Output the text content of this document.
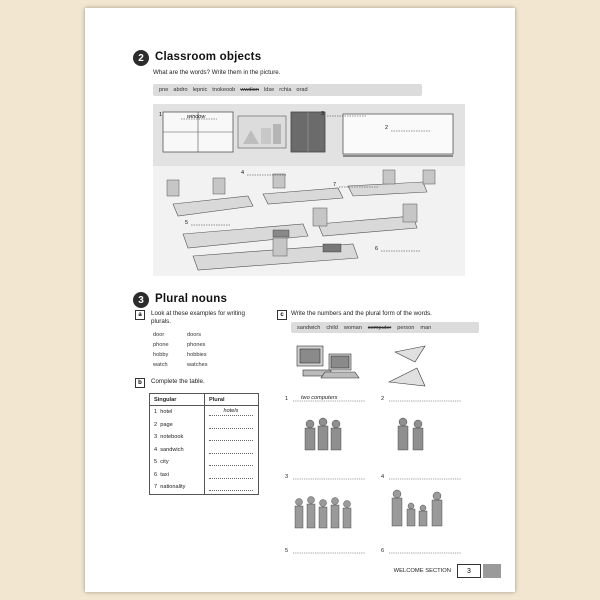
2 Classroom objects
What are the words? Write them in the picture.
pne abdro lepnic tnokeoob wwdion ldse rchia orad
1
2
3
4
5
6
7
window
3 Plural nouns
a	Look at these examples for writing
plurals.
door	doors
phone	phones
hobby	hobbies
watch	watches
b	Complete the table.
Singular	Plural
1 hotel	hotels
2 page	
3 notebook	
4 sandwich	
5 city	
6 taxi	
7 nationality	
c	Write the numbers and the plural form of the words.
sandwich child woman computer person man
1 two computers	2
3	4
5	6
WELCOME SECTION	3
